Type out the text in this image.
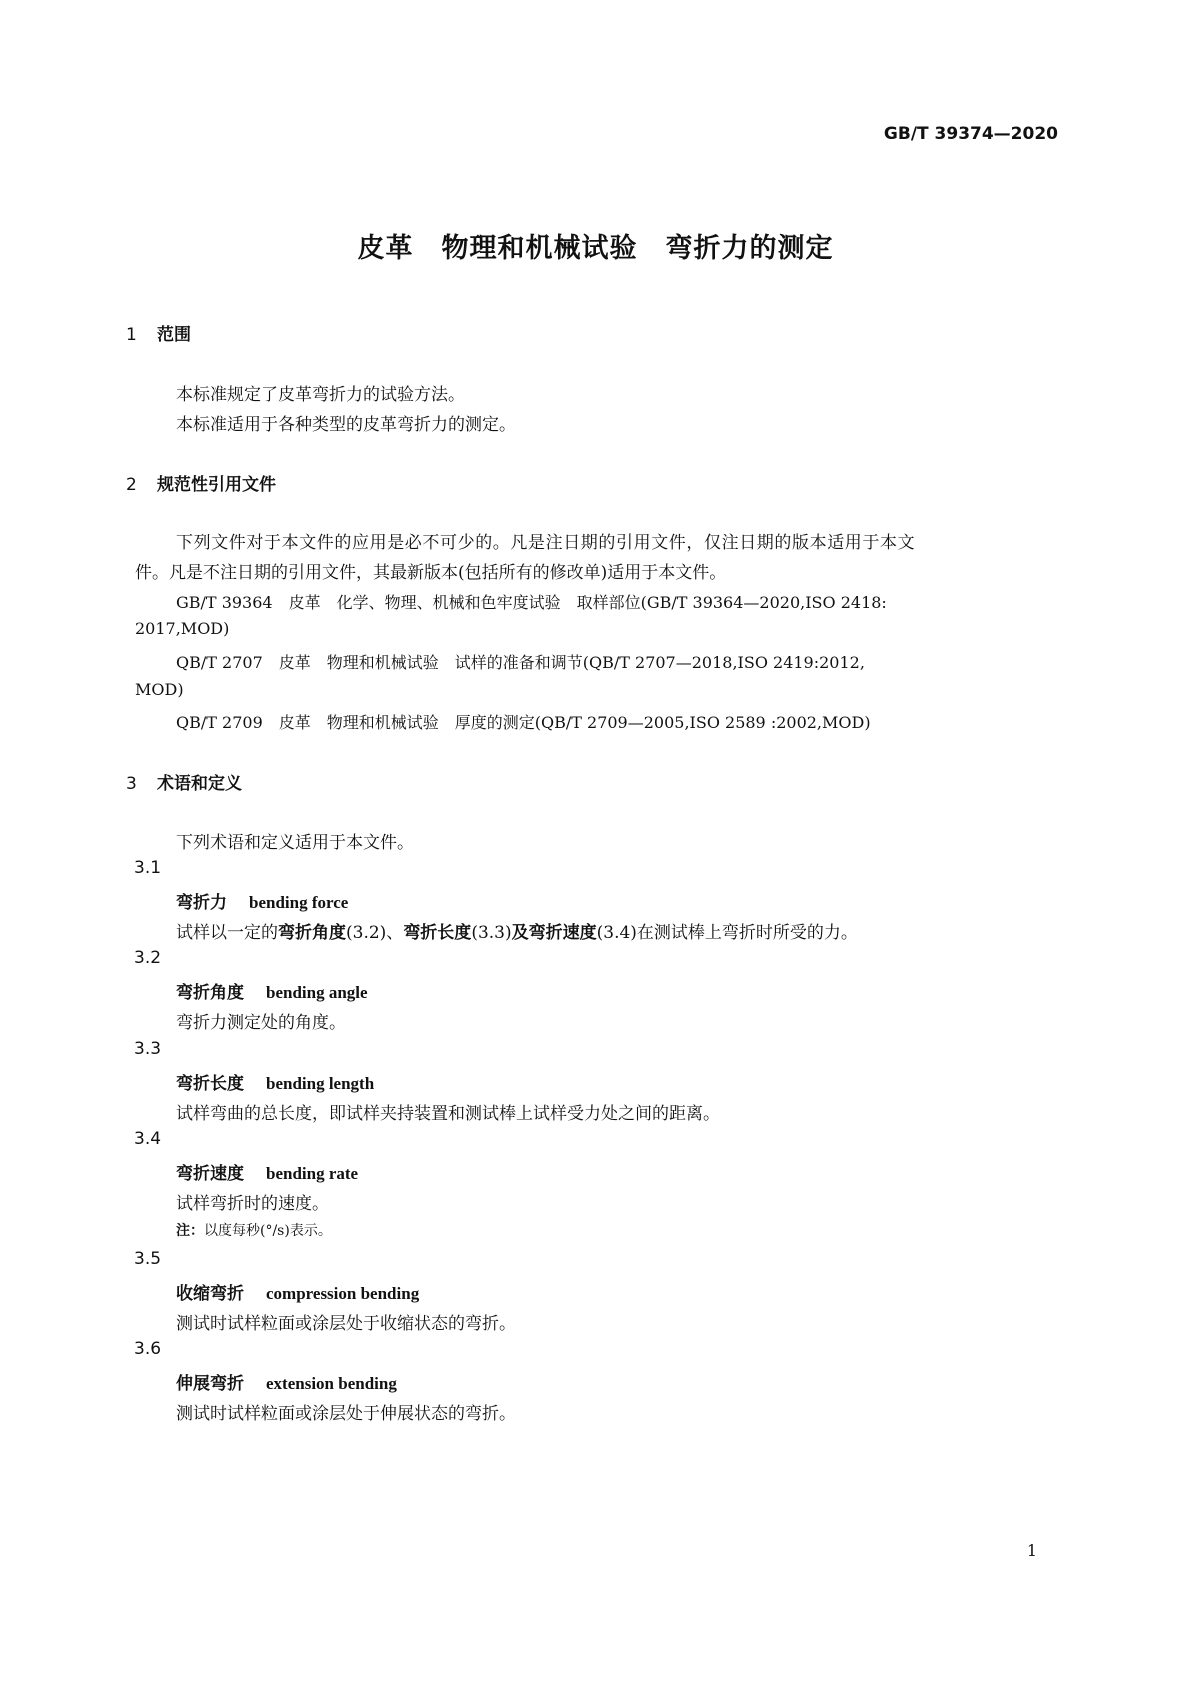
GB/T 39374—2020
皮革　物理和机械试验　弯折力的测定
1 范围
本标准规定了皮革弯折力的试验方法。
本标准适用于各种类型的皮革弯折力的测定。
2 规范性引用文件
下列文件对于本文件的应用是必不可少的。凡是注日期的引用文件，仅注日期的版本适用于本文
件。凡是不注日期的引用文件，其最新版本(包括所有的修改单)适用于本文件。
GB/T 39364　皮革　化学、物理、机械和色牢度试验　取样部位(GB/T 39364—2020,ISO 2418:
2017,MOD)
QB/T 2707　皮革　物理和机械试验　试样的准备和调节(QB/T 2707—2018,ISO 2419:2012,
MOD)
QB/T 2709　皮革　物理和机械试验　厚度的测定(QB/T 2709—2005,ISO 2589 :2002,MOD)
3 术语和定义
下列术语和定义适用于本文件。
3.1
弯折力 bending force
试样以一定的弯折角度(3.2)、弯折长度(3.3)及弯折速度(3.4)在测试棒上弯折时所受的力。
3.2
弯折角度 bending angle
弯折力测定处的角度。
3.3
弯折长度 bending length
试样弯曲的总长度，即试样夹持装置和测试棒上试样受力处之间的距离。
3.4
弯折速度 bending rate
试样弯折时的速度。
注：以度每秒(°/s)表示。
3.5
收缩弯折 compression bending
测试时试样粒面或涂层处于收缩状态的弯折。
3.6
伸展弯折 extension bending
测试时试样粒面或涂层处于伸展状态的弯折。
1
